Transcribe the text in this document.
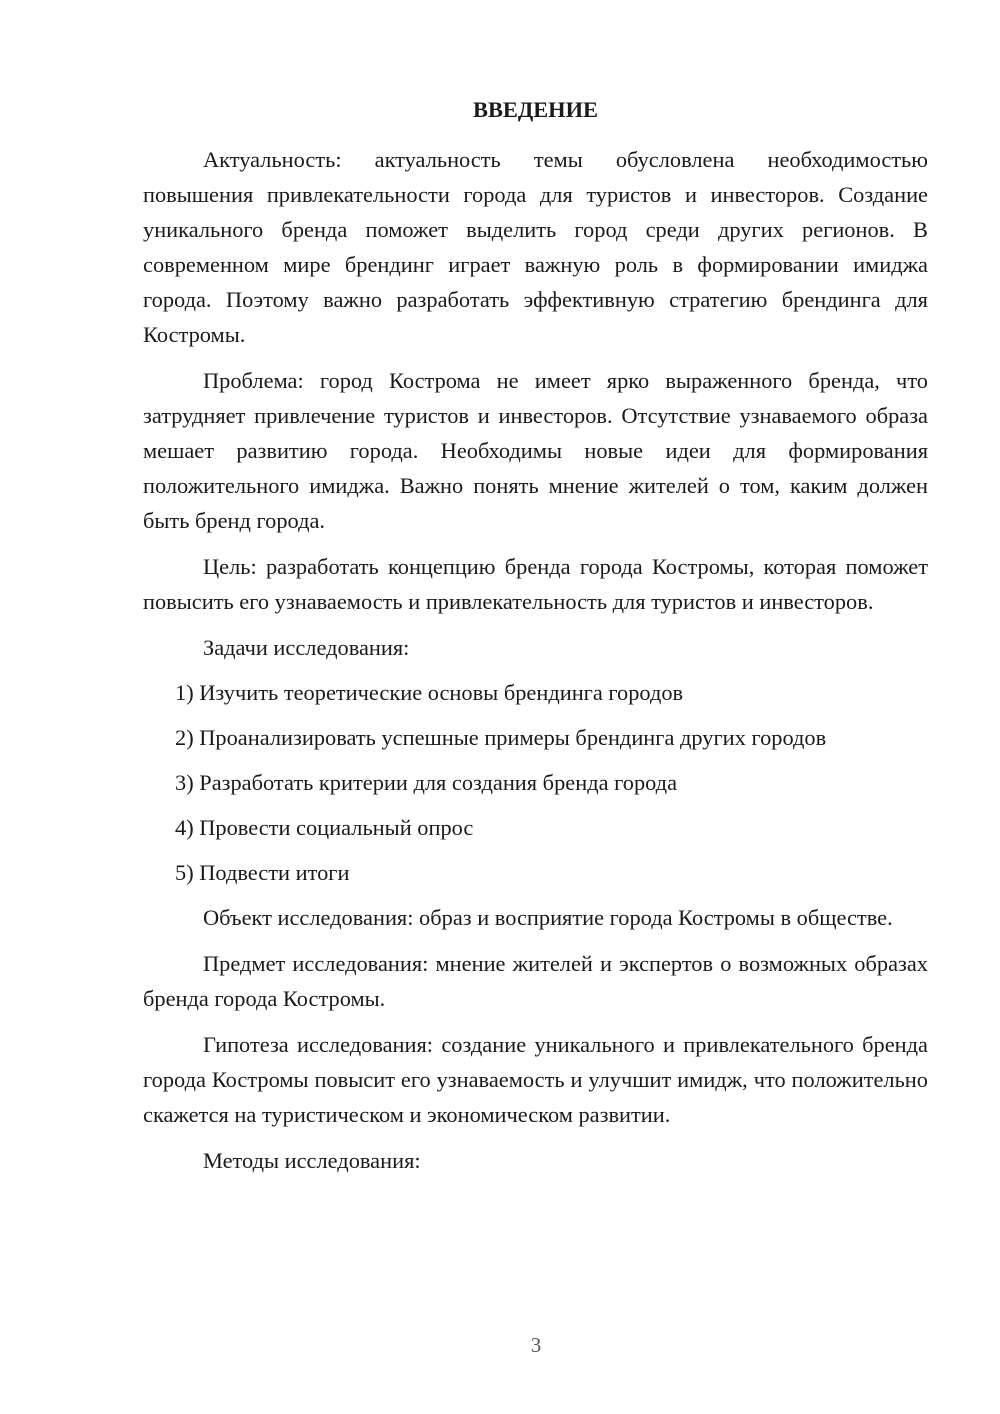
ВВЕДЕНИЕ

Актуальность: актуальность темы обусловлена необходимостью повышения привлекательности города для туристов и инвесторов. Создание уникального бренда поможет выделить город среди других регионов. В современном мире брендинг играет важную роль в формировании имиджа города. Поэтому важно разработать эффективную стратегию брендинга для Костромы.

Проблема: город Кострома не имеет ярко выраженного бренда, что затрудняет привлечение туристов и инвесторов. Отсутствие узнаваемого образа мешает развитию города. Необходимы новые идеи для формирования положительного имиджа. Важно понять мнение жителей о том, каким должен быть бренд города.

Цель: разработать концепцию бренда города Костромы, которая поможет повысить его узнаваемость и привлекательность для туристов и инвесторов.

Задачи исследования:

1) Изучить теоретические основы брендинга городов
2) Проанализировать успешные примеры брендинга других городов
3) Разработать критерии для создания бренда города
4) Провести социальный опрос
5) Подвести итоги

Объект исследования: образ и восприятие города Костромы в обществе.

Предмет исследования: мнение жителей и экспертов о возможных образах бренда города Костромы.

Гипотеза исследования: создание уникального и привлекательного бренда города Костромы повысит его узнаваемость и улучшит имидж, что положительно скажется на туристическом и экономическом развитии.

Методы исследования:

3
